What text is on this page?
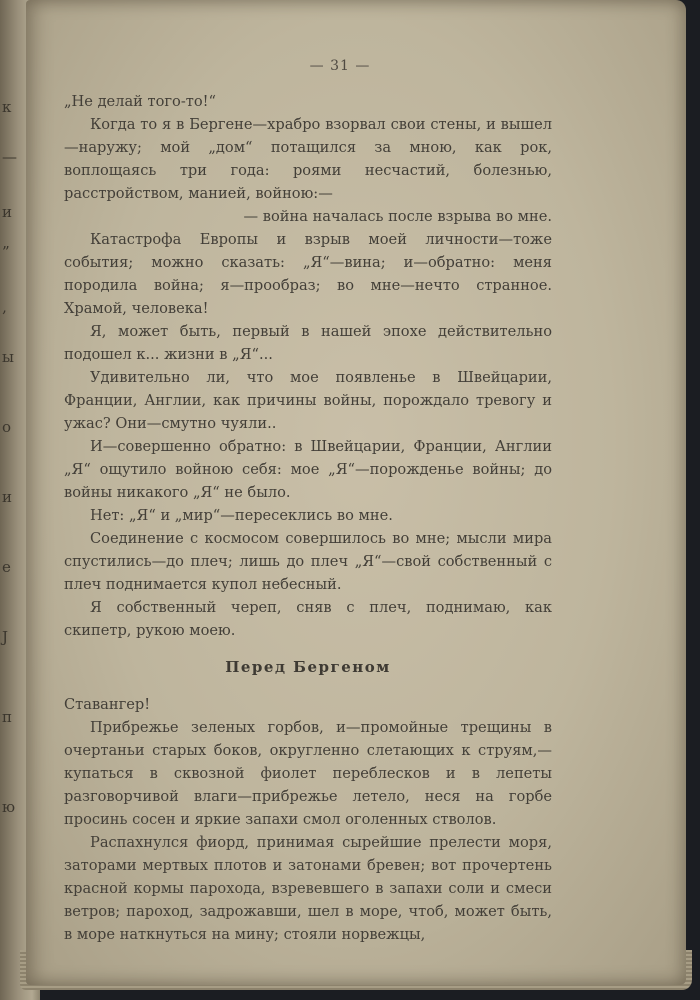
к
—
и
”
‚
ы
о
и
е
Ј
п
ю
— 31 —

„Не делай того-то!“

Когда то я в Бергене—храбро взорвал свои стены, и вышел—наружу; мой „дом“ потащился за мною, как рок, воплощаясь три года: роями несчастий, болезнью, расстройством, манией, войною:—

— война началась после взрыва во мне.

Катастрофа Европы и взрыв моей личности—тоже события; можно сказать: „Я“—вина; и—обратно: меня породила война; я—прообраз; во мне—нечто странное. Храмой, человека!

Я, может быть, первый в нашей эпохе действительно подошел к... жизни в „Я“...

Удивительно ли, что мое появленье в Швейцарии, Франции, Англии, как причины войны, порождало тревогу и ужас? Они—смутно чуяли..

И—совершенно обратно: в Швейцарии, Франции, Англии „Я“ ощутило войною себя: мое „Я“—порожденье войны; до войны никакого „Я“ не было.

Нет: „Я“ и „мир“—пересеклись во мне.

Соединение с космосом совершилось во мне; мысли мира спустились—до плеч; лишь до плеч „Я“—свой собственный с плеч поднимается купол небесный.

Я собственный череп, сняв с плеч, поднимаю, как скипетр, рукою моею.

Перед Бергеном

Ставангер!

Прибрежье зеленых горбов, и—промойные трещины в очертаньи старых боков, округленно слетающих к струям,— купаться в сквозной фиолет переблесков и в лепеты разговорчивой влаги—прибрежье летело, неся на горбе просинь сосен и яркие запахи смол оголенных стволов.

Распахнулся фиорд, принимая сырейшие прелести моря, заторами мертвых плотов и затонами бревен; вот прочертень красной кормы парохода, взревевшего в запахи соли и смеси ветров; пароход, задрожавши, шел в море, чтоб, может быть, в море наткнуться на мину; стояли норвежцы,
